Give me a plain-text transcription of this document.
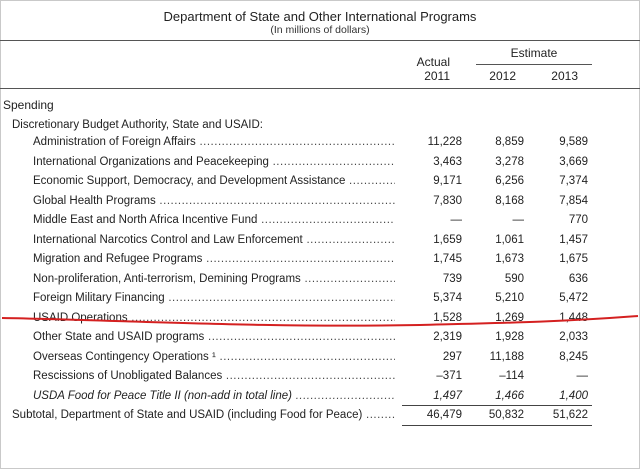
Department of State and Other International Programs
(In millions of dollars)
Estimate
Actual
2011	2012	2013
Spending
Discretionary Budget Authority, State and USAID:
Administration of Foreign Affairs .....	11,228	8,859	9,589
International Organizations and Peacekeeping .....	3,463	3,278	3,669
Economic Support, Democracy, and Development Assistance .....	9,171	6,256	7,374
Global Health Programs .....	7,830	8,168	7,854
Middle East and North Africa Incentive Fund .....	—	—	770
International Narcotics Control and Law Enforcement .....	1,659	1,061	1,457
Migration and Refugee Programs .....	1,745	1,673	1,675
Non-proliferation, Anti-terrorism, Demining Programs .....	739	590	636
Foreign Military Financing .....	5,374	5,210	5,472
USAID Operations .....	1,528	1,269	1,448
Other State and USAID programs .....	2,319	1,928	2,033
Overseas Contingency Operations ¹ .....	297	11,188	8,245
Rescissions of Unobligated Balances .....	–371	–114	—
USDA Food for Peace Title II (non-add in total line) .....	1,497	1,466	1,400
Subtotal, Department of State and USAID (including Food for Peace) .....	46,479	50,832	51,622
